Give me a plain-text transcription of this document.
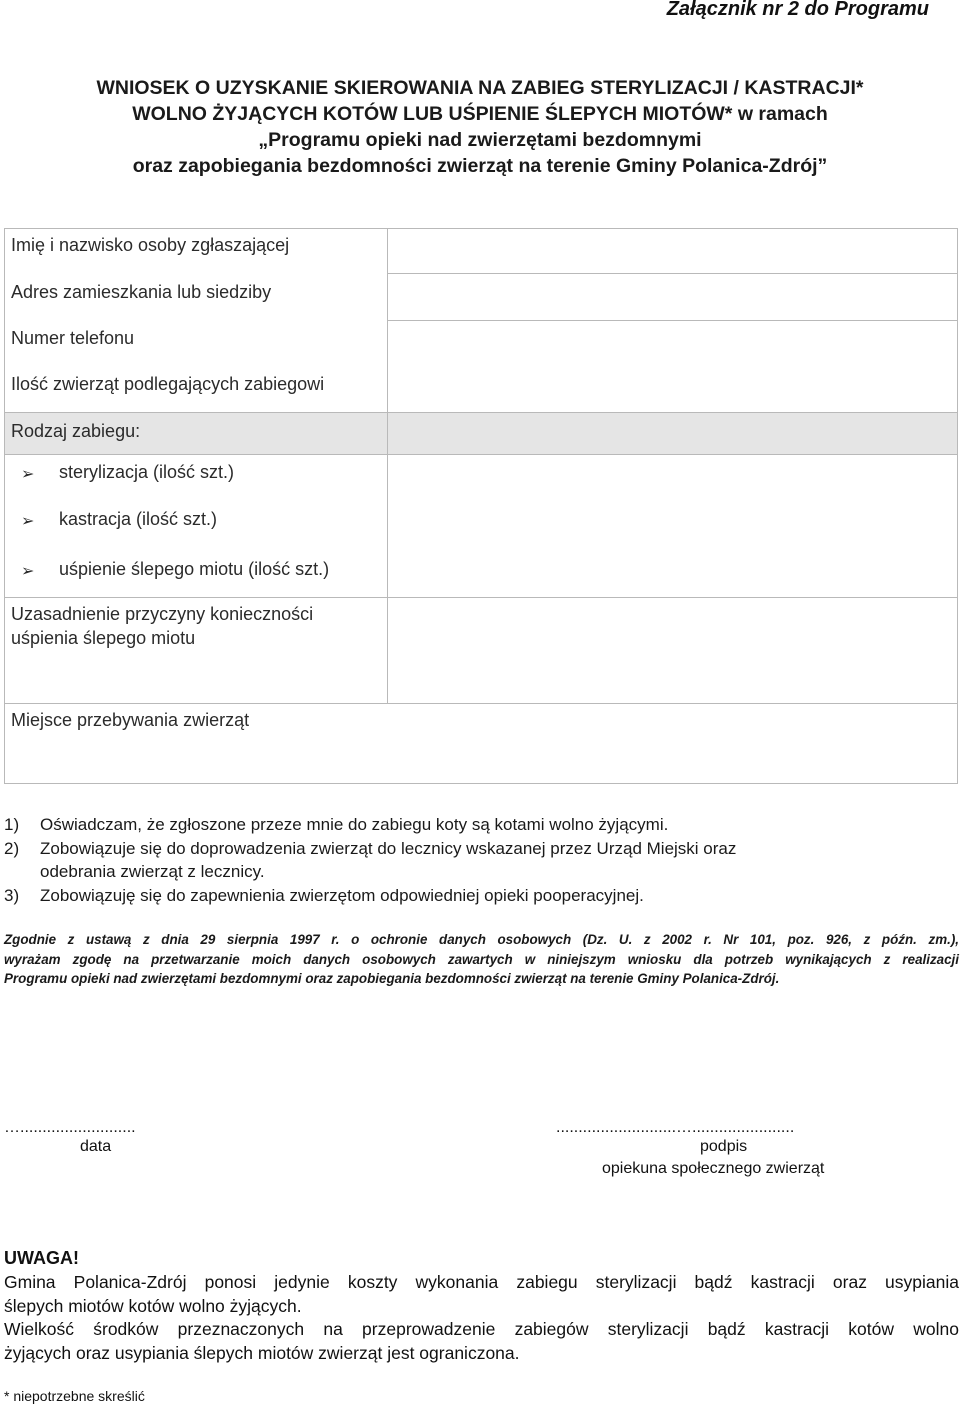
Załącznik nr 2 do Programu
WNIOSEK O UZYSKANIE SKIEROWANIA NA ZABIEG STERYLIZACJI / KASTRACJI*
WOLNO ŻYJĄCYCH KOTÓW LUB UŚPIENIE ŚLEPYCH MIOTÓW* w ramach
„Programu opieki nad zwierzętami bezdomnymi
oraz zapobiegania bezdomności zwierząt na terenie Gminy Polanica-Zdrój”
Imię i nazwisko osoby zgłaszającej
Adres zamieszkania lub siedziby
Numer telefonu
Ilość zwierząt podlegających zabiegowi
Rodzaj zabiegu:
➢ sterylizacja (ilość szt.)
➢ kastracja (ilość szt.)
➢ uśpienie ślepego miotu (ilość szt.)
Uzasadnienie przyczyny konieczności
uśpienia ślepego miotu
Miejsce przebywania zwierząt
1) Oświadczam, że zgłoszone przeze mnie do zabiegu koty są kotami wolno żyjącymi.
2) Zobowiązuje się do doprowadzenia zwierząt do lecznicy wskazanej przez Urząd Miejski oraz
odebrania zwierząt z lecznicy.
3) Zobowiązuję się do zapewnienia zwierzętom odpowiedniej opieki pooperacyjnej.
Zgodnie z ustawą z dnia 29 sierpnia 1997 r. o ochronie danych osobowych (Dz. U. z 2002 r. Nr 101, poz. 926, z późn. zm.),
wyrażam zgodę na przetwarzanie moich danych osobowych zawartych w niniejszym wniosku dla potrzeb wynikających z realizacji
Programu opieki nad zwierzętami bezdomnymi oraz zapobiegania bezdomności zwierząt na terenie Gminy Polanica-Zdrój.
…..........................
data
...........................….......................
podpis
opiekuna społecznego zwierząt
UWAGA!
Gmina Polanica-Zdrój ponosi jedynie koszty wykonania zabiegu sterylizacji bądź kastracji oraz usypiania
ślepych miotów kotów wolno żyjących.
Wielkość środków przeznaczonych na przeprowadzenie zabiegów sterylizacji bądź kastracji kotów wolno
żyjących oraz usypiania ślepych miotów zwierząt jest ograniczona.
* niepotrzebne skreślić
